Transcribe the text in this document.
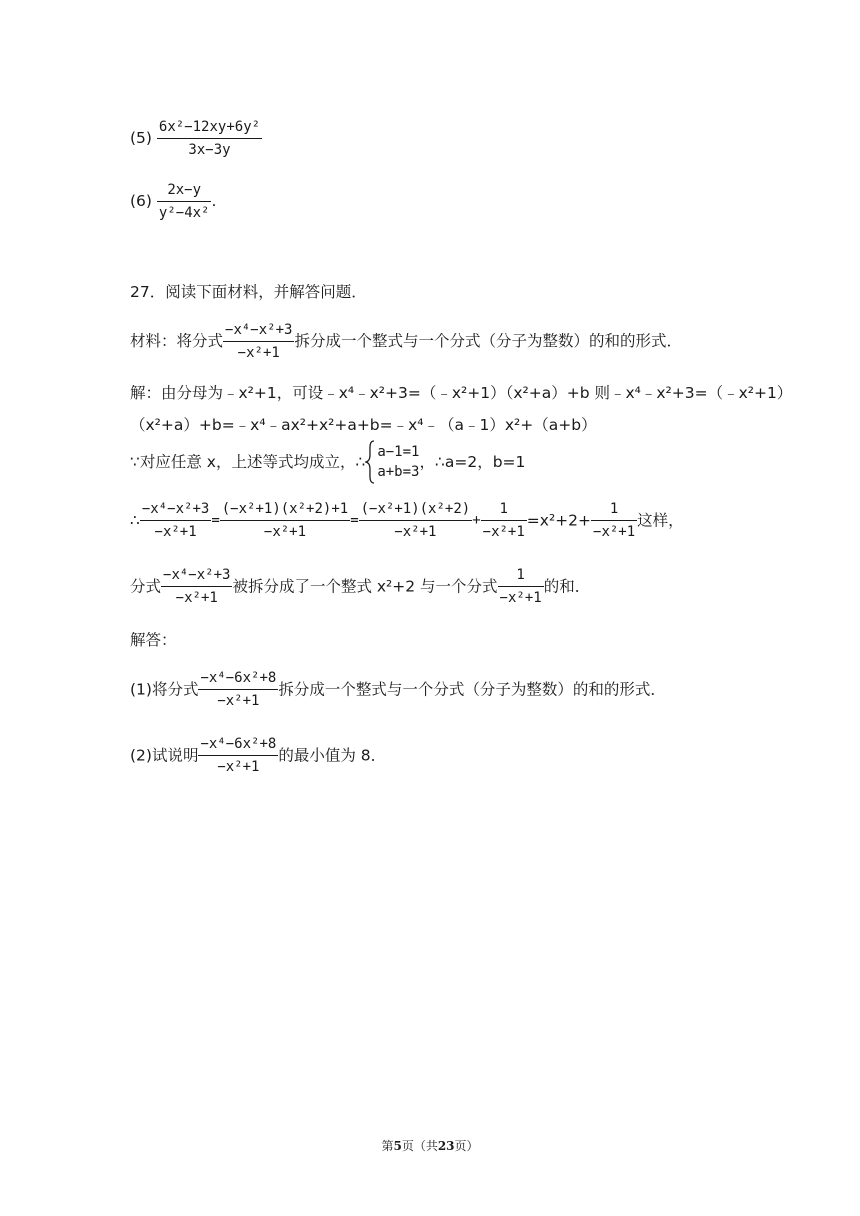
$(5) \frac{\text{6x²−12xy+6y²}}{3x-3y}$
$(6) \frac{2x-y}{\text{y²−4x²}}$ .
27．阅读下面材料，并解答问题．
材料：将分式 $\frac{\text{−x⁴−x²+3}}{\text{−x²+1}}$ 拆分成一个整式与一个分式（分子为整数）的和的形式．
解：由分母为﹣x²+1，可设﹣x⁴﹣x²+3=（﹣x²+1）（x²+a）+b 则﹣x⁴﹣x²+3=（﹣x²+1）
（x²+a）+b=﹣x⁴﹣ax²+x²+a+b=﹣x⁴﹣（a﹣1）x²+（a+b）
∵对应任意 x，上述等式均成立，∴
a−1=1
a+b=3
，∴a=2，b=1
∴ $\frac{\text{−x⁴−x²+3}}{\text{−x²+1}} = \frac{\text{(−x²+1)(x²+2)+1}}{\text{−x²+1}} = \frac{\text{(−x²+1)(x²+2)}}{\text{−x²+1}} + \frac{1}{\text{−x²+1}} =x^2+2+ \frac{1}{\text{−x²+1}}$ 这样，
分式 $\frac{\text{−x⁴−x²+3}}{\text{−x²+1}}$ 被拆分成了一个整式 x²+2 与一个分式 $\frac{1}{\text{−x²+1}}$ 的和．
解答：
(1)将分式 $\frac{\text{−x⁴−6x²+8}}{\text{−x²+1}}$ 拆分成一个整式与一个分式（分子为整数）的和的形式．
(2)试说明 $\frac{\text{−x⁴−6x²+8}}{\text{−x²+1}}$ 的最小值为 8．
第5页（共23页）
